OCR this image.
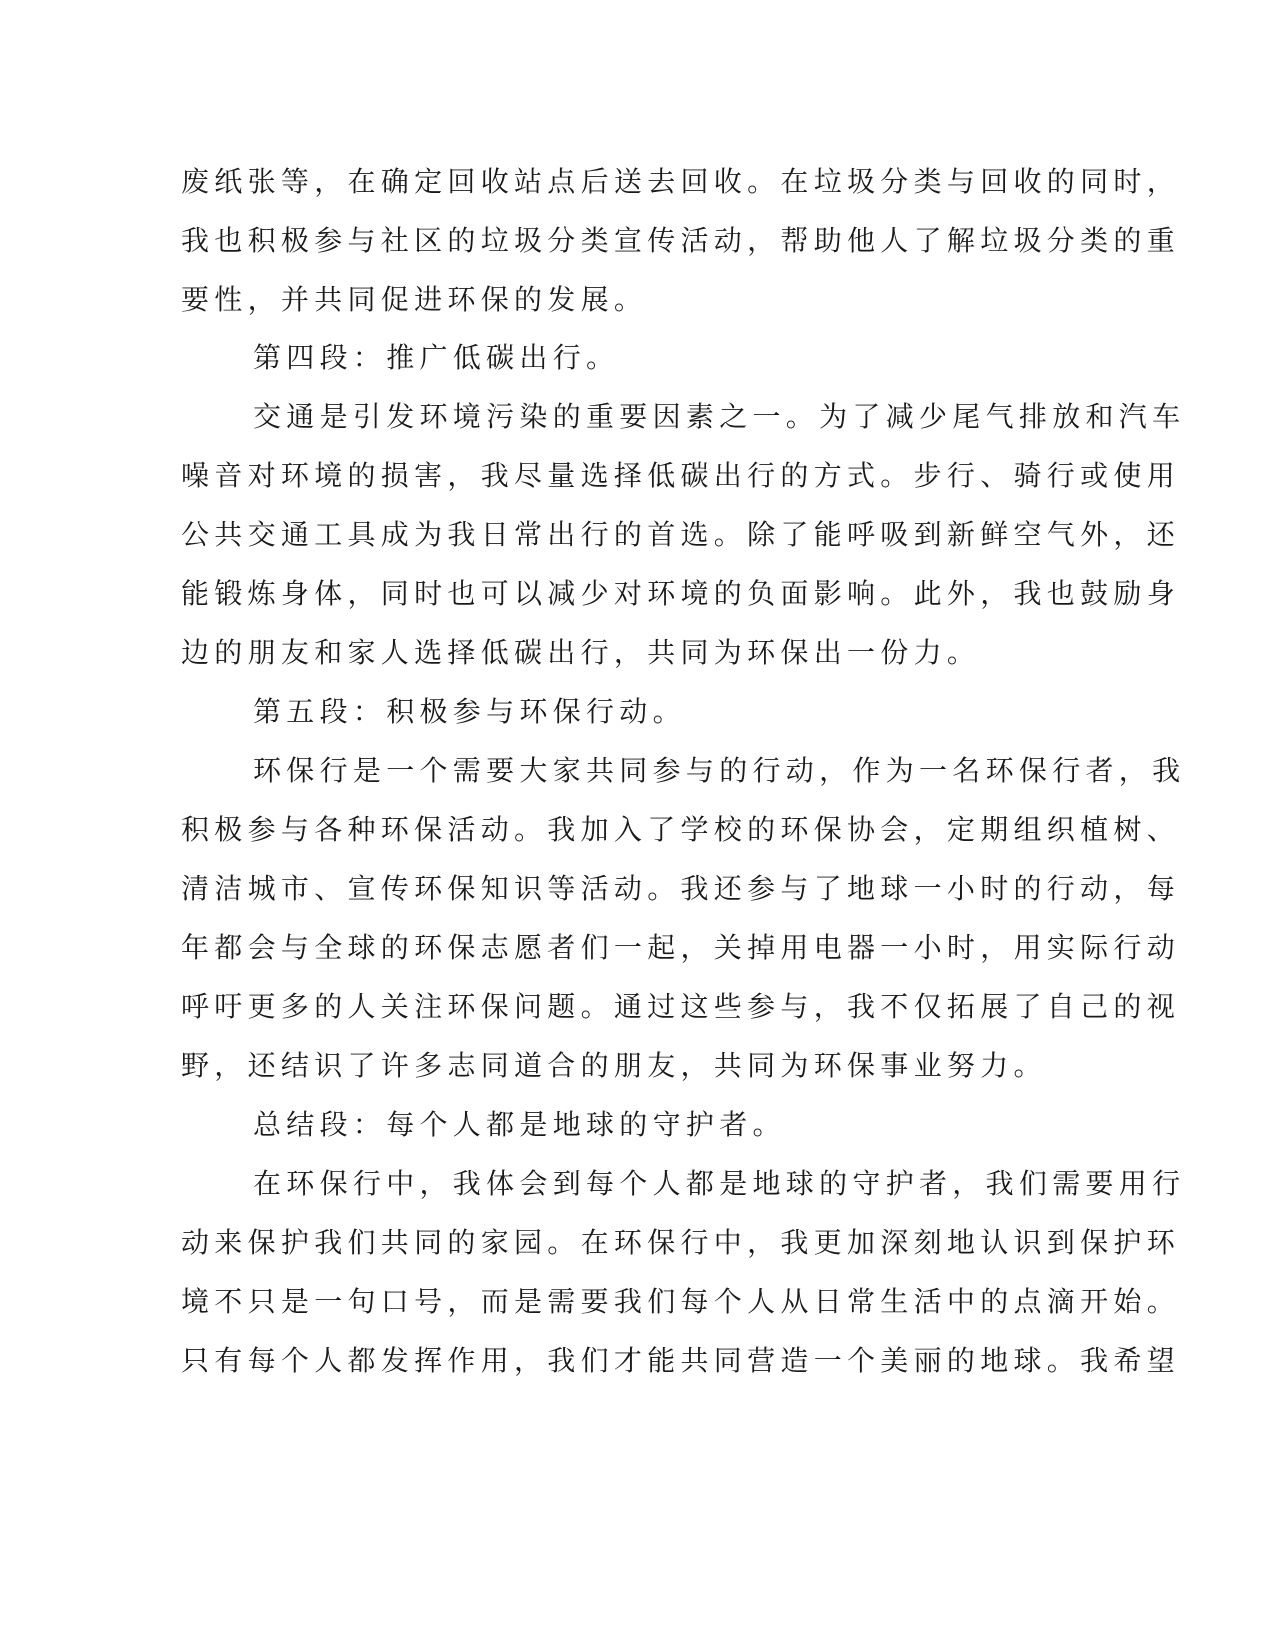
废纸张等，在确定回收站点后送去回收。在垃圾分类与回收的同时，
我也积极参与社区的垃圾分类宣传活动，帮助他人了解垃圾分类的重
要性，并共同促进环保的发展。
第四段：推广低碳出行。
交通是引发环境污染的重要因素之一。为了减少尾气排放和汽车
噪音对环境的损害，我尽量选择低碳出行的方式。步行、骑行或使用
公共交通工具成为我日常出行的首选。除了能呼吸到新鲜空气外，还
能锻炼身体，同时也可以减少对环境的负面影响。此外，我也鼓励身
边的朋友和家人选择低碳出行，共同为环保出一份力。
第五段：积极参与环保行动。
环保行是一个需要大家共同参与的行动，作为一名环保行者，我
积极参与各种环保活动。我加入了学校的环保协会，定期组织植树、
清洁城市、宣传环保知识等活动。我还参与了地球一小时的行动，每
年都会与全球的环保志愿者们一起，关掉用电器一小时，用实际行动
呼吁更多的人关注环保问题。通过这些参与，我不仅拓展了自己的视
野，还结识了许多志同道合的朋友，共同为环保事业努力。
总结段：每个人都是地球的守护者。
在环保行中，我体会到每个人都是地球的守护者，我们需要用行
动来保护我们共同的家园。在环保行中，我更加深刻地认识到保护环
境不只是一句口号，而是需要我们每个人从日常生活中的点滴开始。
只有每个人都发挥作用，我们才能共同营造一个美丽的地球。我希望
